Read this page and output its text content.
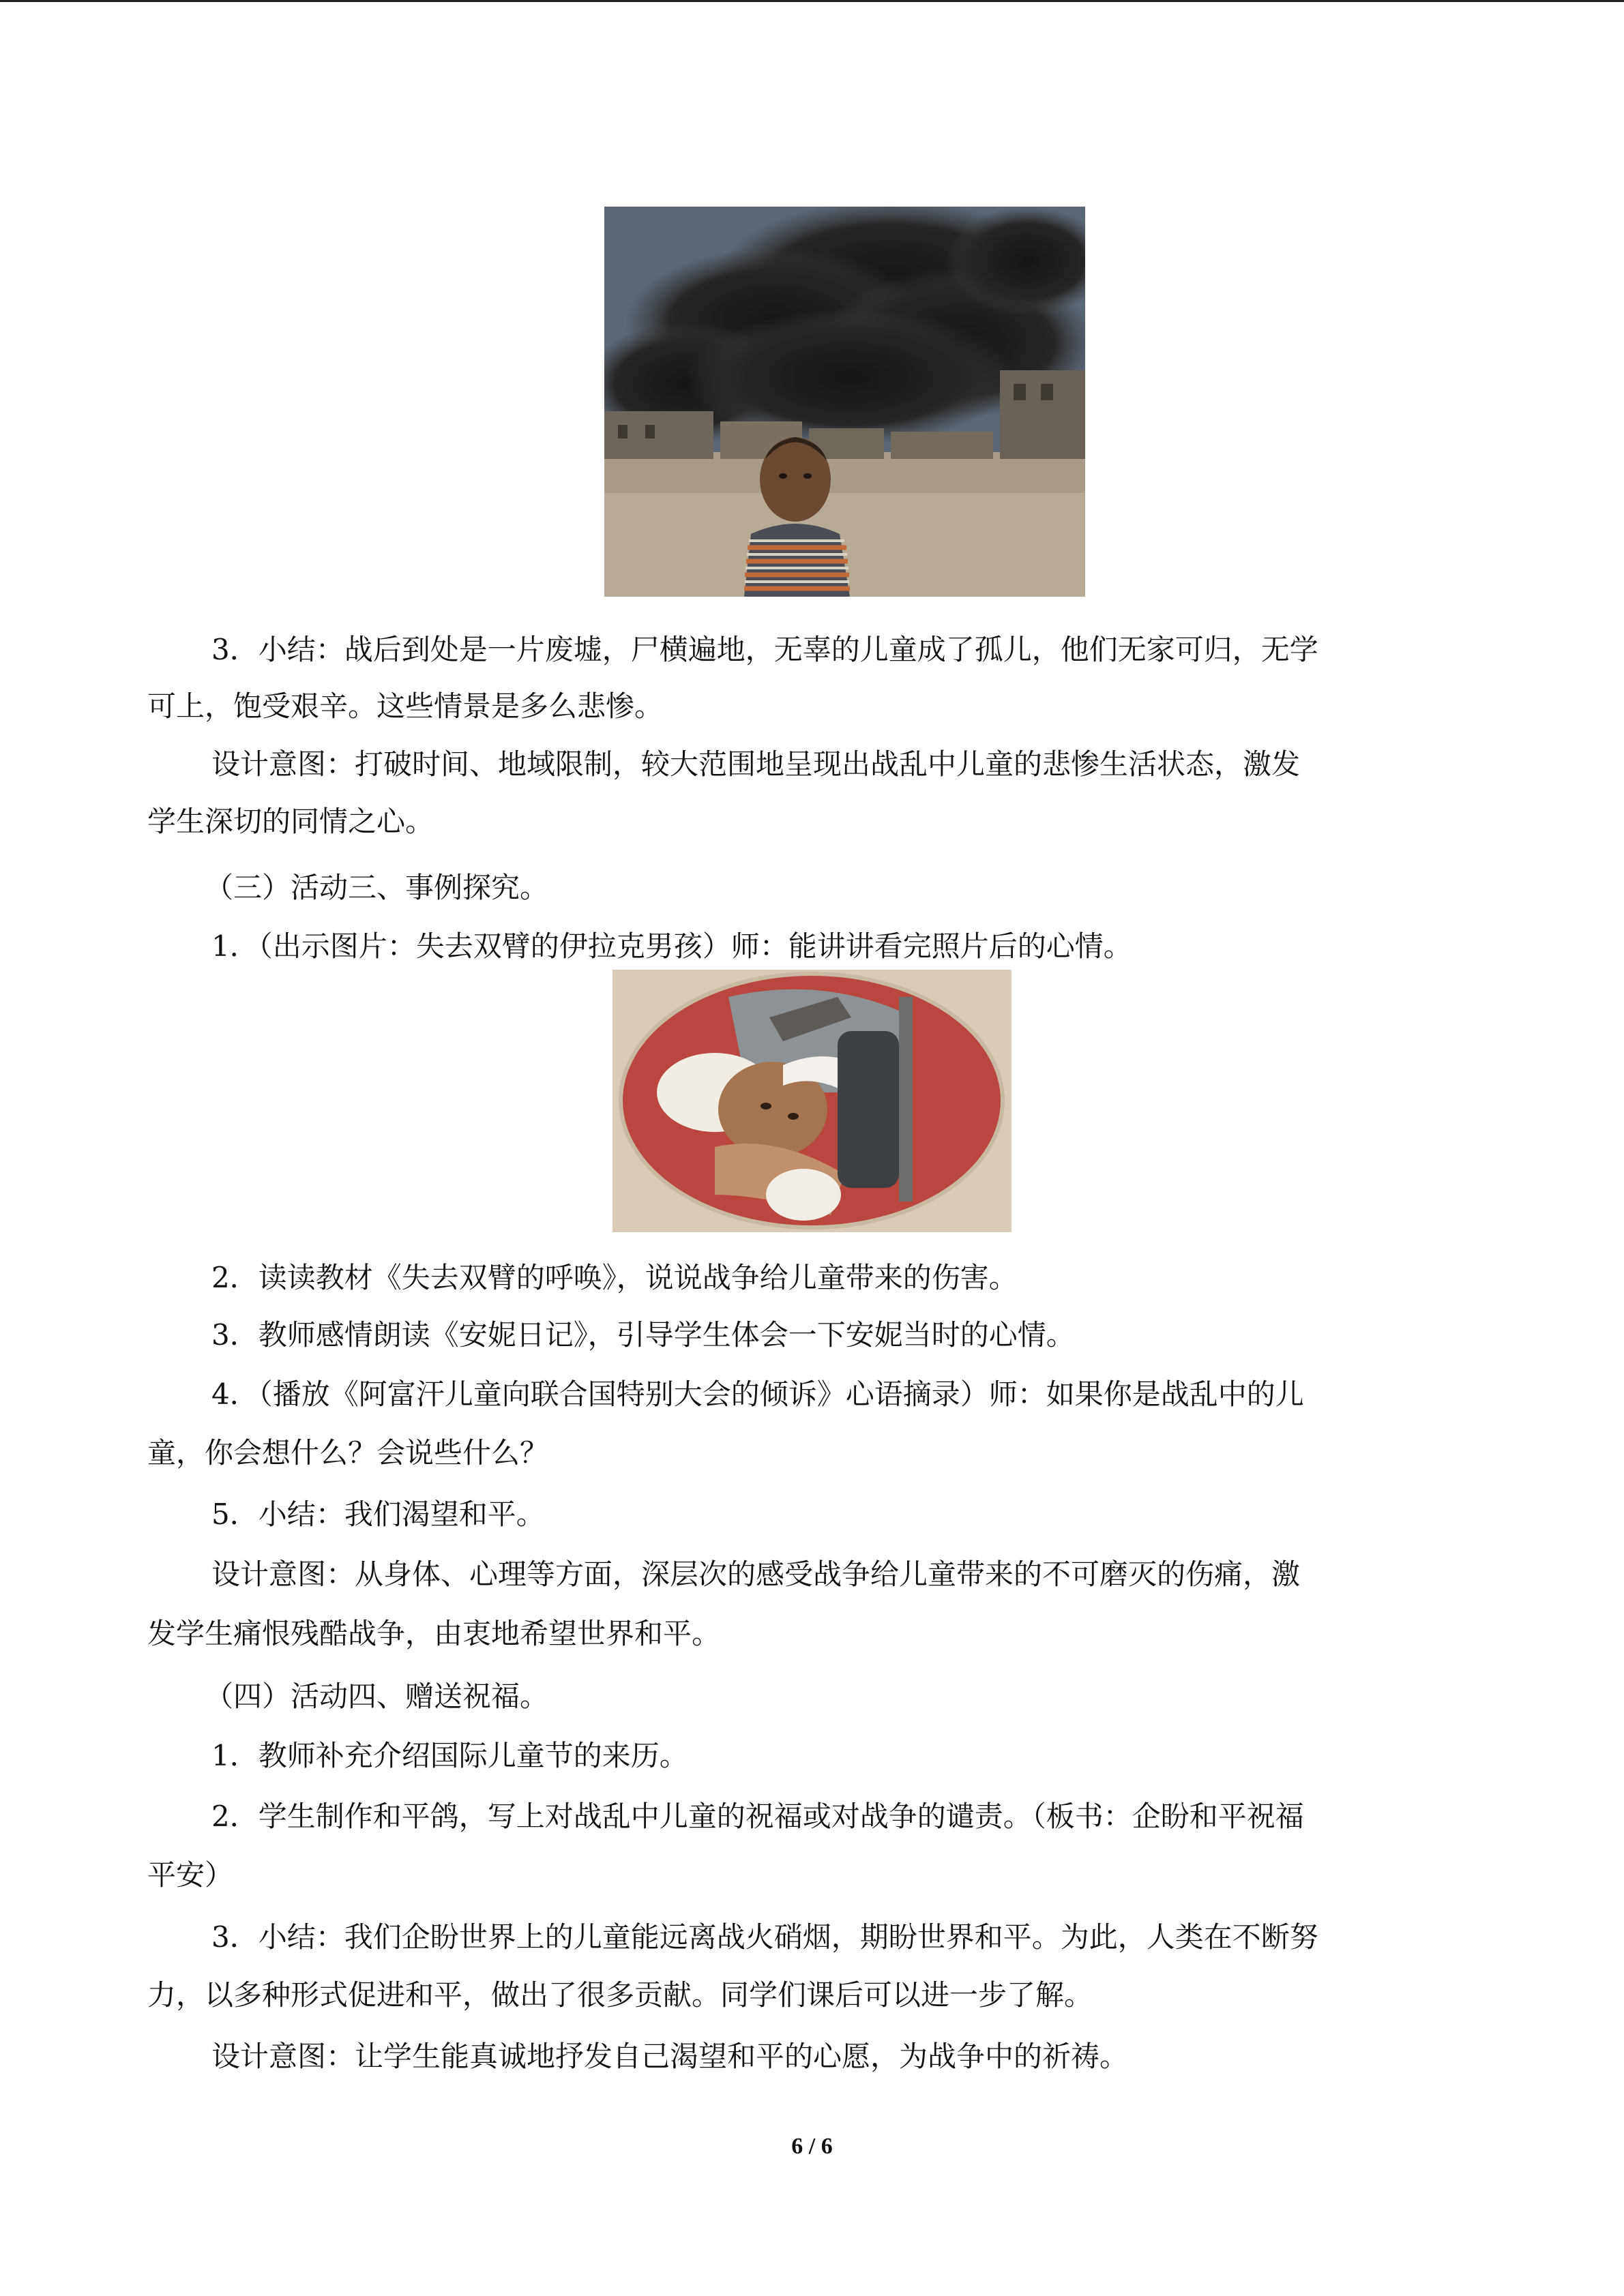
3．小结：战后到处是一片废墟，尸横遍地，无辜的儿童成了孤儿，他们无家可归，无学

可上，饱受艰辛。这些情景是多么悲惨。

设计意图：打破时间、地域限制，较大范围地呈现出战乱中儿童的悲惨生活状态，激发

学生深切的同情之心。

（三）活动三、事例探究。

1．（出示图片：失去双臂的伊拉克男孩）师：能讲讲看完照片后的心情。

2．读读教材《失去双臂的呼唤》，说说战争给儿童带来的伤害。

3．教师感情朗读《安妮日记》，引导学生体会一下安妮当时的心情。

4．（播放《阿富汗儿童向联合国特别大会的倾诉》心语摘录）师：如果你是战乱中的儿

童，你会想什么？会说些什么？

5．小结：我们渴望和平。

设计意图：从身体、心理等方面，深层次的感受战争给儿童带来的不可磨灭的伤痛，激

发学生痛恨残酷战争，由衷地希望世界和平。

（四）活动四、赠送祝福。

1．教师补充介绍国际儿童节的来历。

2．学生制作和平鸽，写上对战乱中儿童的祝福或对战争的谴责。（板书：企盼和平祝福

平安）

3．小结：我们企盼世界上的儿童能远离战火硝烟，期盼世界和平。为此，人类在不断努

力，以多种形式促进和平，做出了很多贡献。同学们课后可以进一步了解。

设计意图：让学生能真诚地抒发自己渴望和平的心愿，为战争中的祈祷。

6 / 6
